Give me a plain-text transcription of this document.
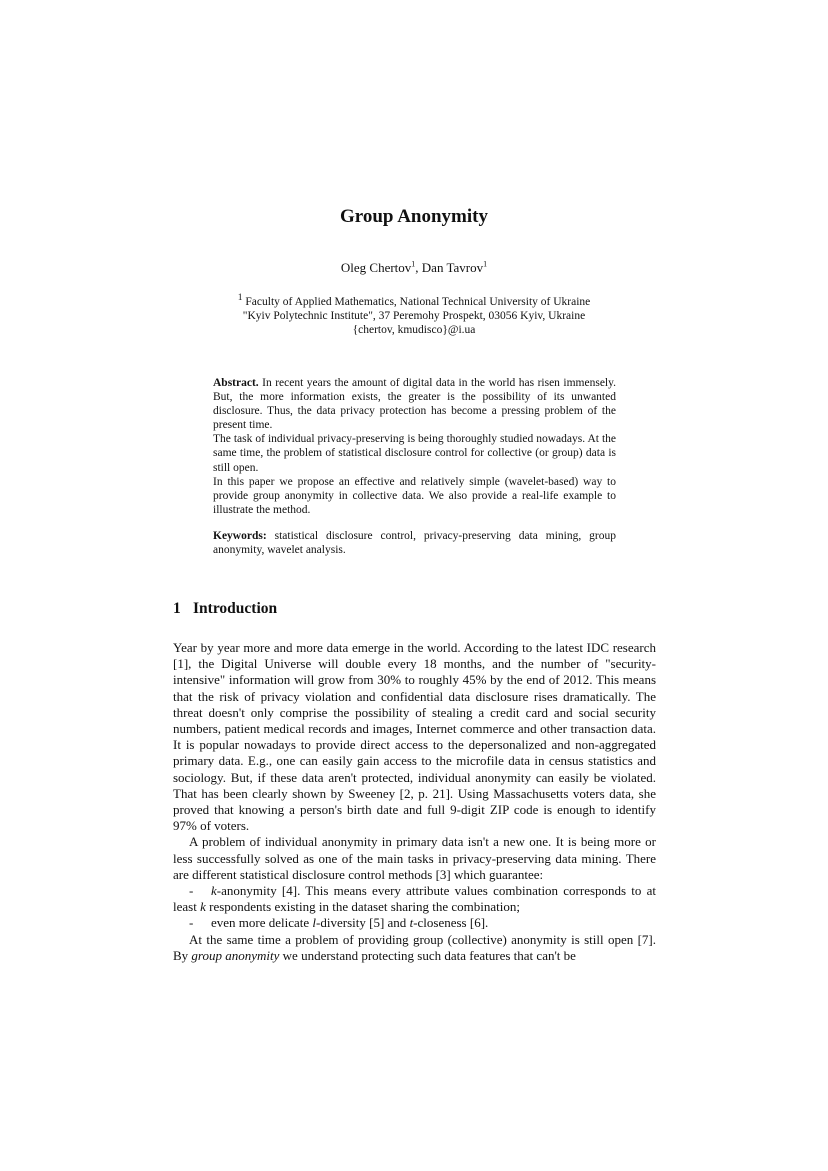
Group Anonymity
Oleg Chertov$^1$, Dan Tavrov$^1$
$^1$ Faculty of Applied Mathematics, National Technical University of Ukraine
"Kyiv Polytechnic Institute", 37 Peremohy Prospekt, 03056 Kyiv, Ukraine
{chertov, kmudisco}@i.ua

Abstract. In recent years the amount of digital data in the world has risen immensely. But, the more information exists, the greater is the possibility of its unwanted disclosure. Thus, the data privacy protection has become a pressing problem of the present time.

The task of individual privacy-preserving is being thoroughly studied nowadays. At the same time, the problem of statistical disclosure control for collective (or group) data is still open.

In this paper we propose an effective and relatively simple (wavelet-based) way to provide group anonymity in collective data. We also provide a real-life example to illustrate the method.

Keywords: statistical disclosure control, privacy-preserving data mining, group anonymity, wavelet analysis.
1 Introduction

Year by year more and more data emerge in the world. According to the latest IDC research [1], the Digital Universe will double every 18 months, and the number of "security-intensive" information will grow from 30% to roughly 45% by the end of 2012. This means that the risk of privacy violation and confidential data disclosure rises dramatically. The threat doesn't only comprise the possibility of stealing a credit card and social security numbers, patient medical records and images, Internet commerce and other transaction data. It is popular nowadays to provide direct access to the depersonalized and non-aggregated primary data. E.g., one can easily gain access to the microfile data in census statistics and sociology. But, if these data aren't protected, individual anonymity can easily be violated. That has been clearly shown by Sweeney [2, p. 21]. Using Massachusetts voters data, she proved that knowing a person's birth date and full 9-digit ZIP code is enough to identify 97% of voters.

A problem of individual anonymity in primary data isn't a new one. It is being more or less successfully solved as one of the main tasks in privacy-preserving data mining. There are different statistical disclosure control methods [3] which guarantee:

- k-anonymity [4]. This means every attribute values combination corresponds to at least k respondents existing in the dataset sharing the combination;

- even more delicate l-diversity [5] and t-closeness [6].

At the same time a problem of providing group (collective) anonymity is still open [7]. By group anonymity we understand protecting such data features that can't be
